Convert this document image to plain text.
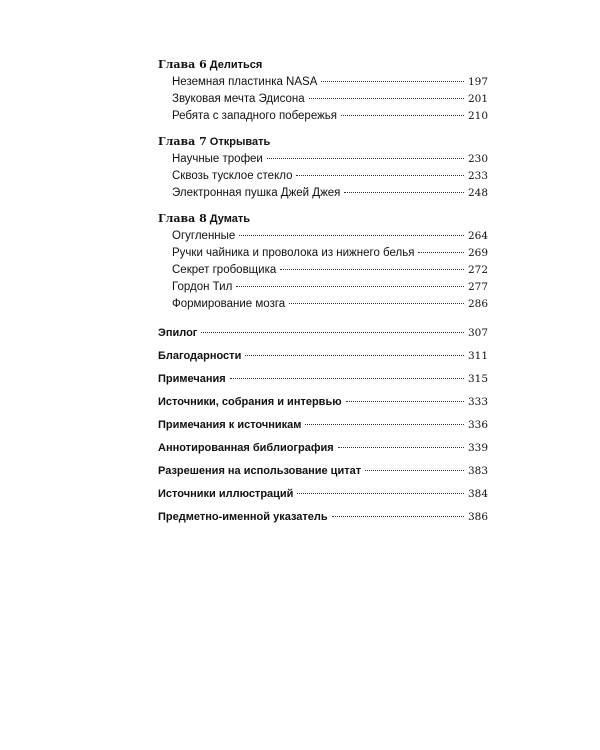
Глава 6 Делиться
Неземная пластинка NASA	197
Звуковая мечта Эдисона	201
Ребята с западного побережья	210
Глава 7 Открывать
Научные трофеи	230
Сквозь тусклое стекло	233
Электронная пушка Джей Джея	248
Глава 8 Думать
Огугленные	264
Ручки чайника и проволока из нижнего белья	269
Секрет гробовщика	272
Гордон Тил	277
Формирование мозга	286
Эпилог	307
Благодарности	311
Примечания	315
Источники, собрания и интервью	333
Примечания к источникам	336
Аннотированная библиография	339
Разрешения на использование цитат	383
Источники иллюстраций	384
Предметно-именной указатель	386
